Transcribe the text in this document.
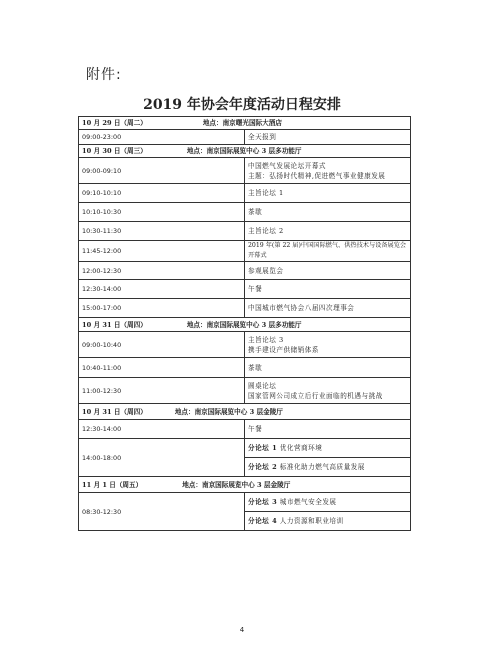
附件:
2019 年协会年度活动日程安排
10 月 29 日（周二） 地点：南京曙光国际大酒店	
09:00-23:00	全天报到
10 月 30 日（周三） 地点：南京国际展览中心 3 层多功能厅	
09:00-09:10	中国燃气发展论坛开幕式
主题：弘扬时代精神,促进燃气事业健康发展

09:10-10:10	主旨论坛 1
10:10-10:30	茶歇
10:30-11:30	主旨论坛 2
11:45-12:00	2019 年(第 22 届)中国国际燃气、供热技术与设备展览会开幕式
12:00-12:30	参观展览会
12:30-14:00	午餐
15:00-17:00	中国城市燃气协会八届四次理事会
10 月 31 日（周四） 地点：南京国际展览中心 3 层多功能厅	
09:00-10:40	主旨论坛 3
携手建设产供储销体系

10:40-11:00	茶歇
11:00-12:30	圆桌论坛
国家管网公司成立后行业面临的机遇与挑战

10 月 31 日（周四） 地点：南京国际展览中心 3 层金陵厅	
12:30-14:00	午餐
14:00-18:00	分论坛 1 优化营商环境
	分论坛 2 标准化助力燃气高质量发展
11 月 1 日（周五） 地点：南京国际展览中心 3 层金陵厅	
08:30-12:30	分论坛 3 城市燃气安全发展
	分论坛 4 人力资源和职业培训
4
